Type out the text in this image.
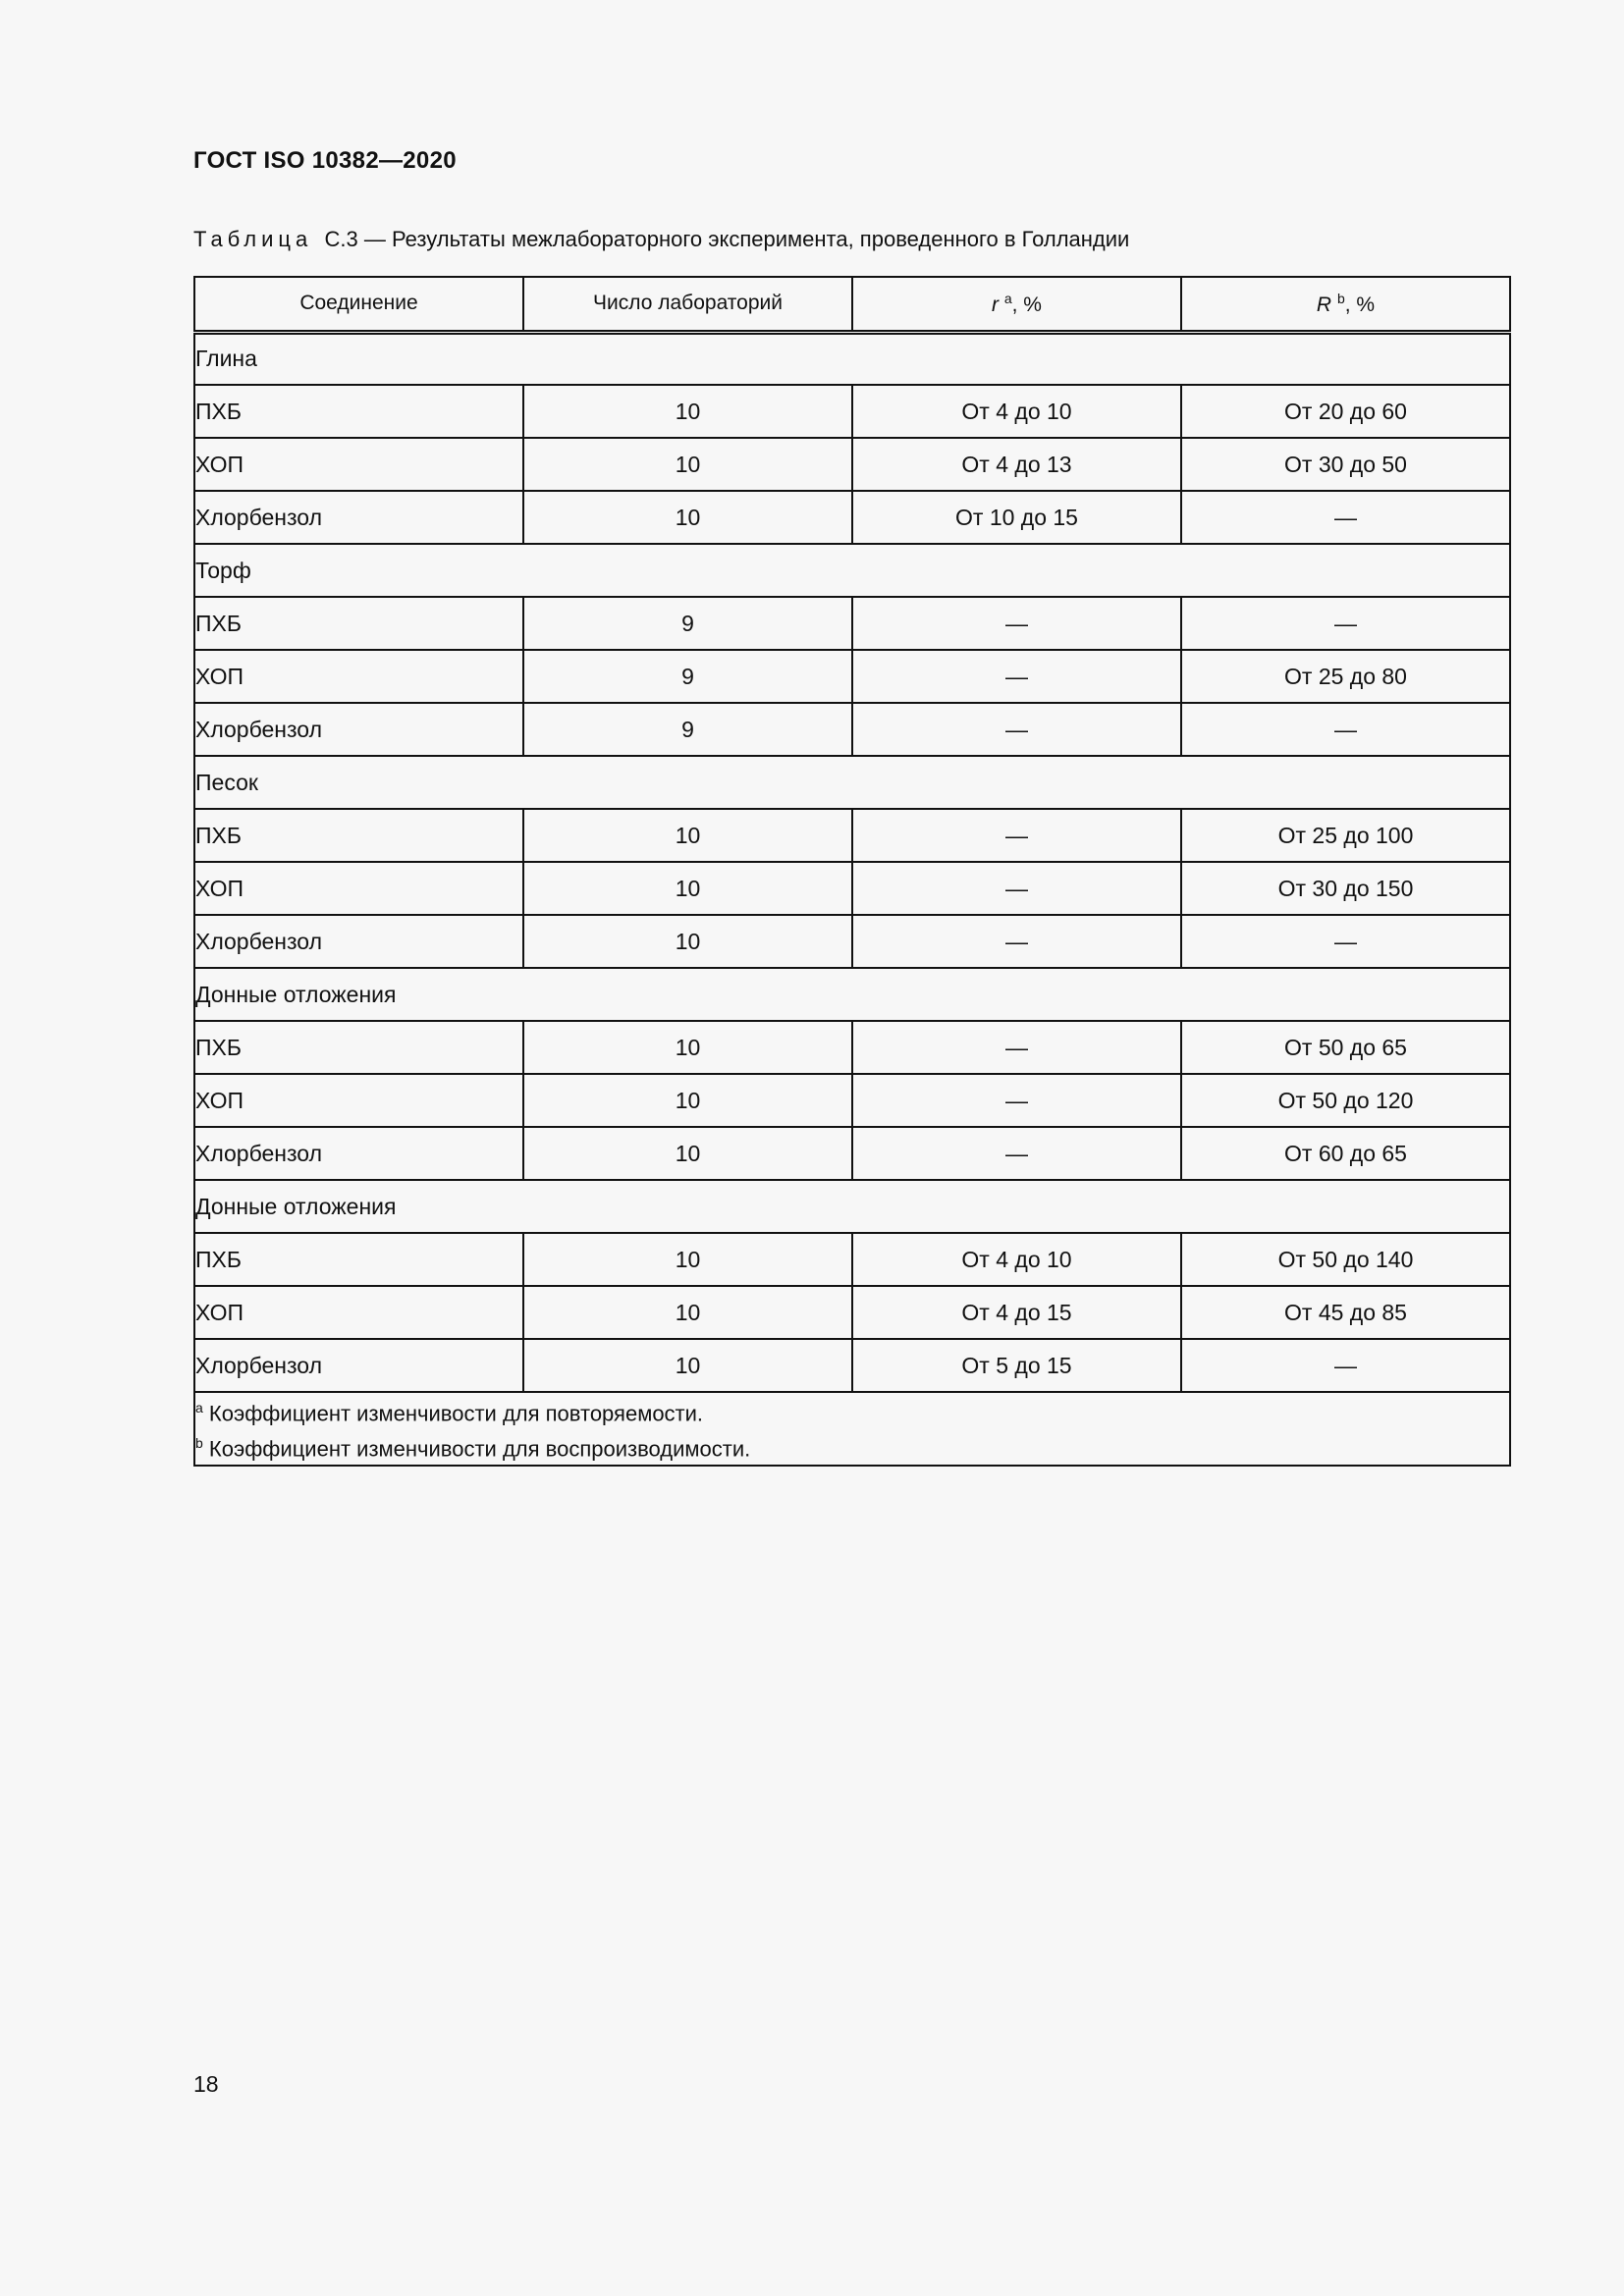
ГОСТ ISO 10382—2020
Таблица С.3 — Результаты межлабораторного эксперимента, проведенного в Голландии
Соединение	Число лабораторий	r $^a$, %	R $^b$, %
Глина			
ПХБ	10	От 4 до 10	От 20 до 60
ХОП	10	От 4 до 13	От 30 до 50
Хлорбензол	10	От 10 до 15	—
Торф			
ПХБ	9	—	—
ХОП	9	—	От 25 до 80
Хлорбензол	9	—	—
Песок			
ПХБ	10	—	От 25 до 100
ХОП	10	—	От 30 до 150
Хлорбензол	10	—	—
Донные отложения			
ПХБ	10	—	От 50 до 65
ХОП	10	—	От 50 до 120
Хлорбензол	10	—	От 60 до 65
Донные отложения			
ПХБ	10	От 4 до 10	От 50 до 140
ХОП	10	От 4 до 15	От 45 до 85
Хлорбензол	10	От 5 до 15	—

$^a$ Коэффициент изменчивости для повторяемости.
$^b$ Коэффициент изменчивости для воспроизводимости.			
18
